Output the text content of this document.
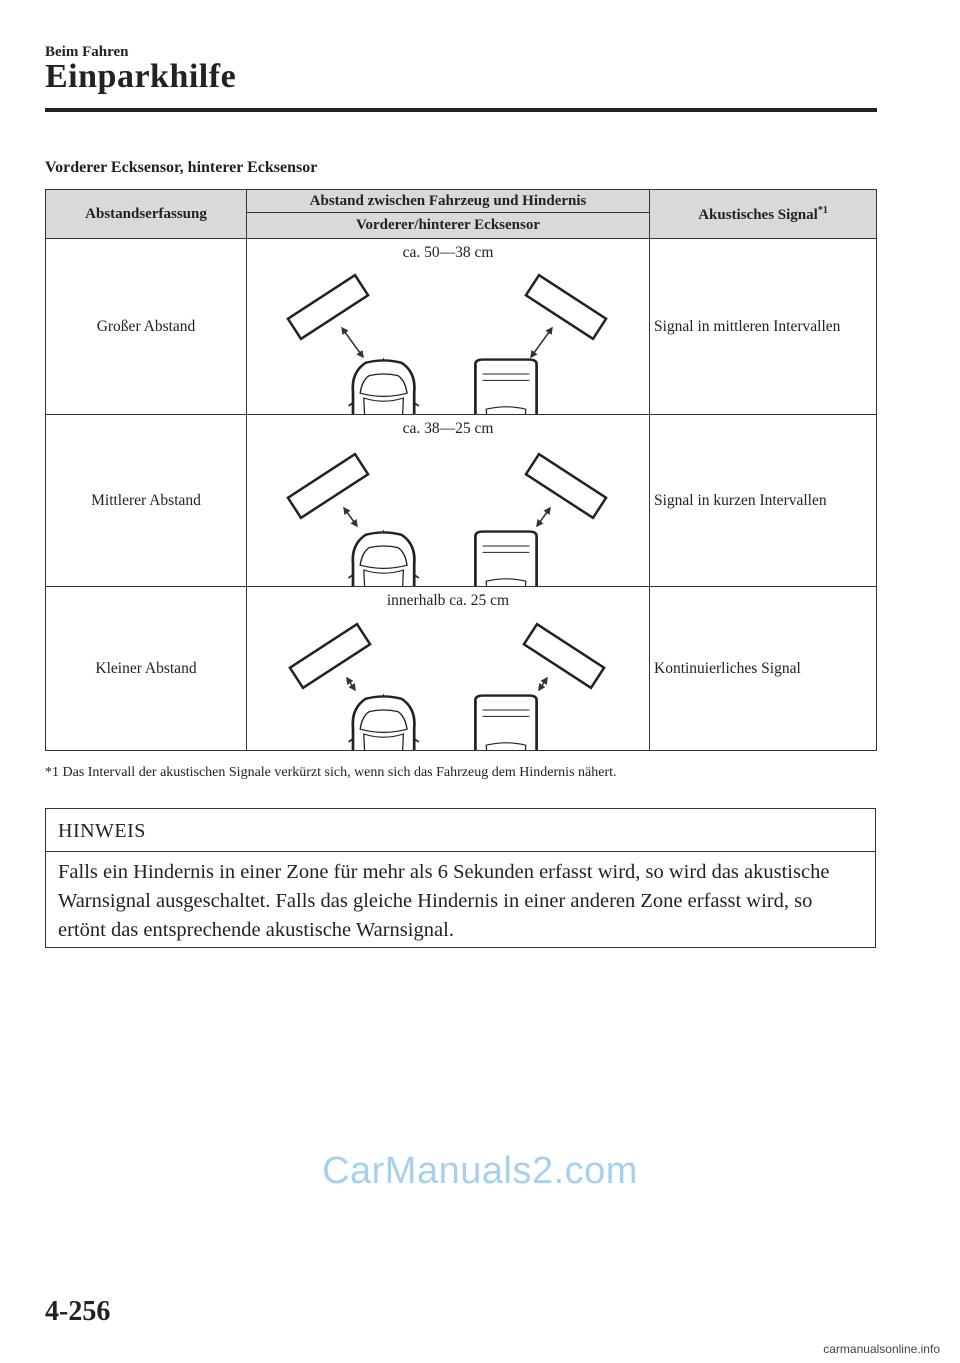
Beim Fahren
Einparkhilfe
Vorderer Ecksensor, hinterer Ecksensor
Abstandserfassung	Abstand zwischen Fahrzeug und Hindernis	Akustisches Signal$^{*1}$
	Vorderer/hinterer Ecksensor	
Großer Abstand	ca. 50—38 cm	Signal in mittleren Intervallen
Mittlerer Abstand	ca. 38—25 cm	Signal in kurzen Intervallen
Kleiner Abstand	innerhalb ca. 25 cm	Kontinuierliches Signal
*1 Das Intervall der akustischen Signale verkürzt sich, wenn sich das Fahrzeug dem Hindernis nähert.
HINWEIS
Falls ein Hindernis in einer Zone für mehr als 6 Sekunden erfasst wird, so wird das akustische Warnsignal ausgeschaltet. Falls das gleiche Hindernis in einer anderen Zone erfasst wird, so ertönt das entsprechende akustische Warnsignal.
CarManuals2.com
4-256
carmanualsonline.info
